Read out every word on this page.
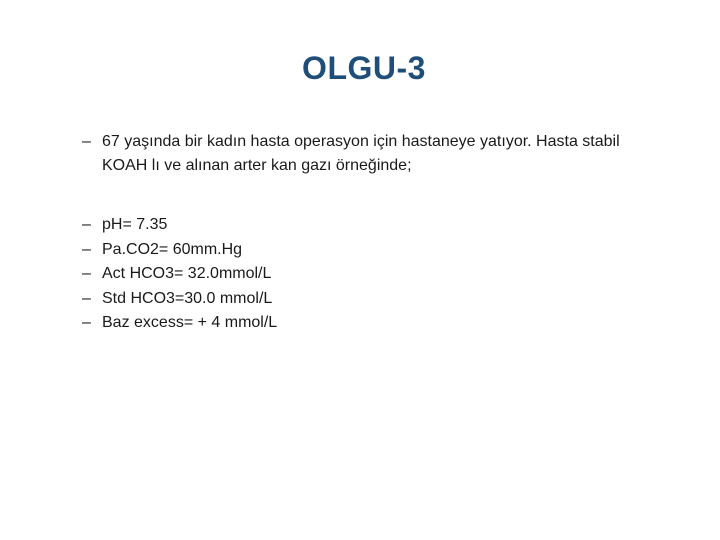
OLGU-3
– 67 yaşında bir kadın hasta operasyon için hastaneye yatıyor. Hasta stabil KOAH lı ve alınan arter kan gazı örneğinde;
– pH= 7.35
– Pa.CO2= 60mm.Hg
– Act HCO3= 32.0mmol/L
– Std HCO3=30.0 mmol/L
– Baz excess= + 4 mmol/L
